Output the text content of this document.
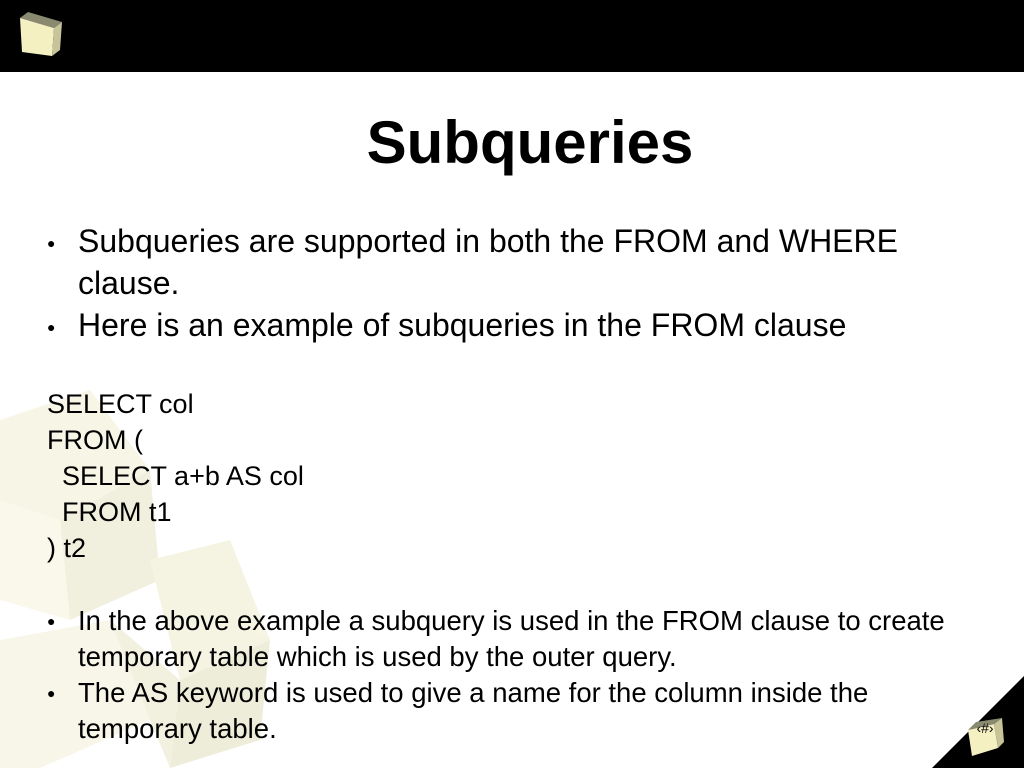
Subqueries
● Subqueries are supported in both the FROM and WHERE clause.
● Here is an example of subqueries in the FROM clause
SELECT col
FROM (
SELECT a+b AS col
FROM t1
) t2
● In the above example a subquery is used in the FROM clause to create temporary table which is used by the outer query.
● The AS keyword is used to give a name for the column inside the temporary table.	‹#›
